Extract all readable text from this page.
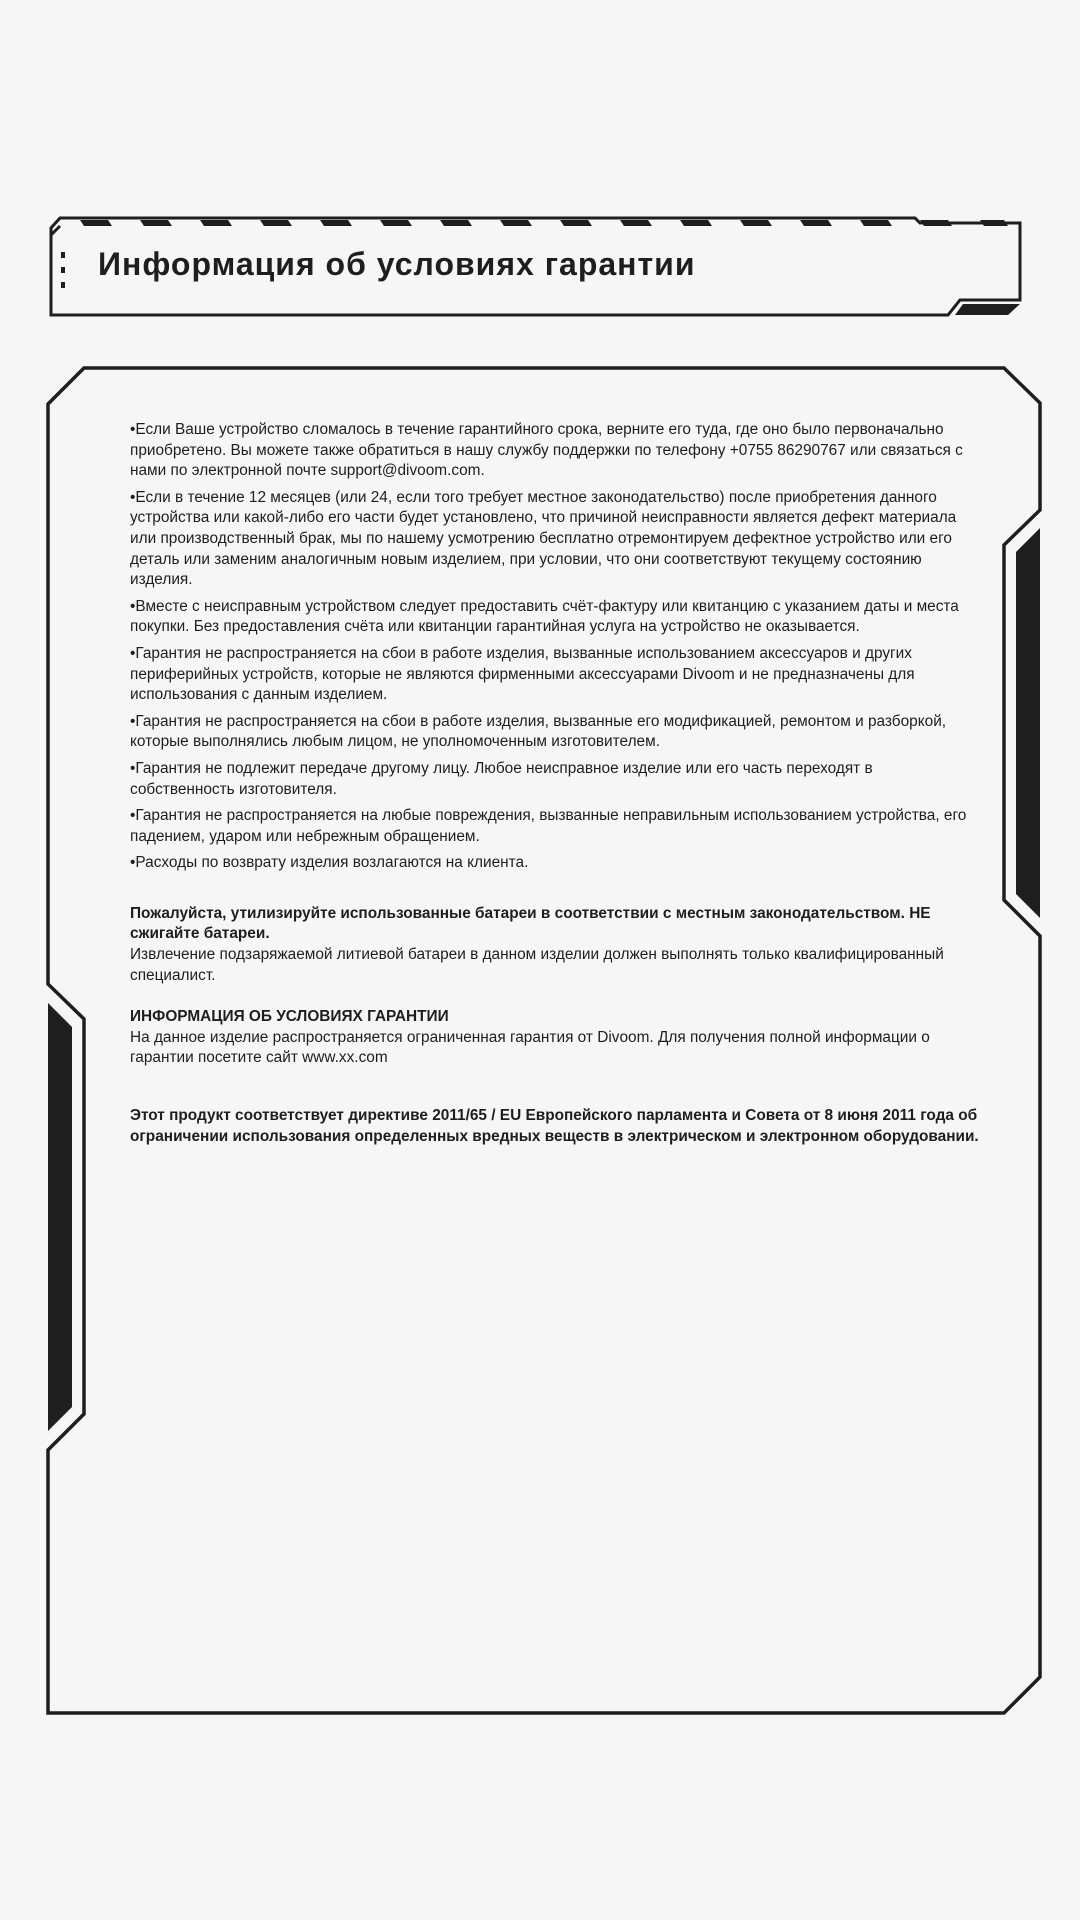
Информация об условиях гарантии

•Если Ваше устройство сломалось в течение гарантийного срока, верните его туда, где оно было первоначально приобретено. Вы можете также обратиться в нашу службу поддержки по телефону +0755 86290767 или связаться с нами по электронной почте support@divoom.com.

•Если в течение 12 месяцев (или 24, если того требует местное законодательство) после приобретения данного устройства или какой-либо его части будет установлено, что причиной неисправности является дефект материала или производственный брак, мы по нашему усмотрению бесплатно отремонтируем дефектное устройство или его деталь или заменим аналогичным новым изделием, при условии, что они соответствуют текущему состоянию изделия.

•Вместе с неисправным устройством следует предоставить счёт-фактуру или квитанцию с указанием даты и места покупки. Без предоставления счёта или квитанции гарантийная услуга на устройство не оказывается.

•Гарантия не распространяется на сбои в работе изделия, вызванные использованием аксессуаров и других периферийных устройств, которые не являются фирменными аксессуарами Divoom и не предназначены для использования с данным изделием.

•Гарантия не распространяется на сбои в работе изделия, вызванные его модификацией, ремонтом и разборкой, которые выполнялись любым лицом, не уполномоченным изготовителем.

•Гарантия не подлежит передаче другому лицу. Любое неисправное изделие или его часть переходят в собственность изготовителя.

•Гарантия не распространяется на любые повреждения, вызванные неправильным использованием устройства, его падением, ударом или небрежным обращением.

•Расходы по возврату изделия возлагаются на клиента.

Пожалуйста, утилизируйте использованные батареи в соответствии с местным законодательством. НЕ сжигайте батареи.

Извлечение подзаряжаемой литиевой батареи в данном изделии должен выполнять только квалифицированный специалист.

ИНФОРМАЦИЯ ОБ УСЛОВИЯХ ГАРАНТИИ

На данное изделие распространяется ограниченная гарантия от Divoom. Для получения полной информации о гарантии посетите сайт www.xx.com

Этот продукт соответствует директиве 2011/65 / EU Европейского парламента и Совета от 8 июня 2011 года об ограничении использования определенных вредных веществ в электрическом и электронном оборудовании.
